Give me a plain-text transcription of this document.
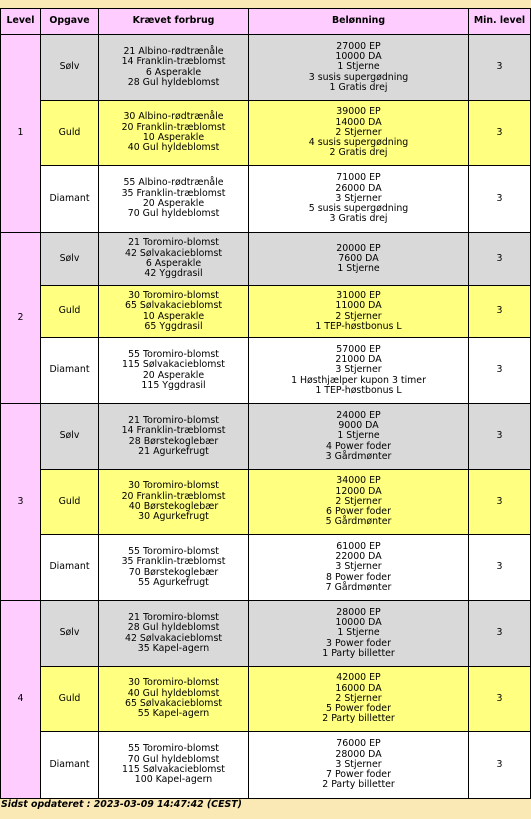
Level	Opgave	Krævet forbrug	Belønning	Min. level
1	Sølv	21 Albino-rødtrænåle
14 Franklin-træblomst
6 Asperakle
28 Gul hyldeblomst	27000 EP
10000 DA
1 Stjerne
3 susis supergødning
1 Gratis drej	3
	Guld	30 Albino-rødtrænåle
20 Franklin-træblomst
10 Asperakle
40 Gul hyldeblomst	39000 EP
14000 DA
2 Stjerner
4 susis supergødning
2 Gratis drej	3
	Diamant	55 Albino-rødtrænåle
35 Franklin-træblomst
20 Asperakle
70 Gul hyldeblomst	71000 EP
26000 DA
3 Stjerner
5 susis supergødning
3 Gratis drej	3
2	Sølv	21 Toromiro-blomst
42 Sølvakacieblomst
6 Asperakle
42 Yggdrasil	20000 EP
7600 DA
1 Stjerne	3
	Guld	30 Toromiro-blomst
65 Sølvakacieblomst
10 Asperakle
65 Yggdrasil	31000 EP
11000 DA
2 Stjerner
1 TEP-høstbonus L	3
	Diamant	55 Toromiro-blomst
115 Sølvakacieblomst
20 Asperakle
115 Yggdrasil	57000 EP
21000 DA
3 Stjerner
1 Høsthjælper kupon 3 timer
1 TEP-høstbonus L	3
3	Sølv	21 Toromiro-blomst
14 Franklin-træblomst
28 Børstekoglebær
21 Agurkefrugt	24000 EP
9000 DA
1 Stjerne
4 Power foder
3 Gårdmønter	3
	Guld	30 Toromiro-blomst
20 Franklin-træblomst
40 Børstekoglebær
30 Agurkefrugt	34000 EP
12000 DA
2 Stjerner
6 Power foder
5 Gårdmønter	3
	Diamant	55 Toromiro-blomst
35 Franklin-træblomst
70 Børstekoglebær
55 Agurkefrugt	61000 EP
22000 DA
3 Stjerner
8 Power foder
7 Gårdmønter	3
4	Sølv	21 Toromiro-blomst
28 Gul hyldeblomst
42 Sølvakacieblomst
35 Kapel-agern	28000 EP
10000 DA
1 Stjerne
3 Power foder
1 Party billetter	3
	Guld	30 Toromiro-blomst
40 Gul hyldeblomst
65 Sølvakacieblomst
55 Kapel-agern	42000 EP
16000 DA
2 Stjerner
5 Power foder
2 Party billetter	3
	Diamant	55 Toromiro-blomst
70 Gul hyldeblomst
115 Sølvakacieblomst
100 Kapel-agern	76000 EP
28000 DA
3 Stjerner
7 Power foder
2 Party billetter	3
Sidst opdateret : 2023-03-09 14:47:42 (CEST)
